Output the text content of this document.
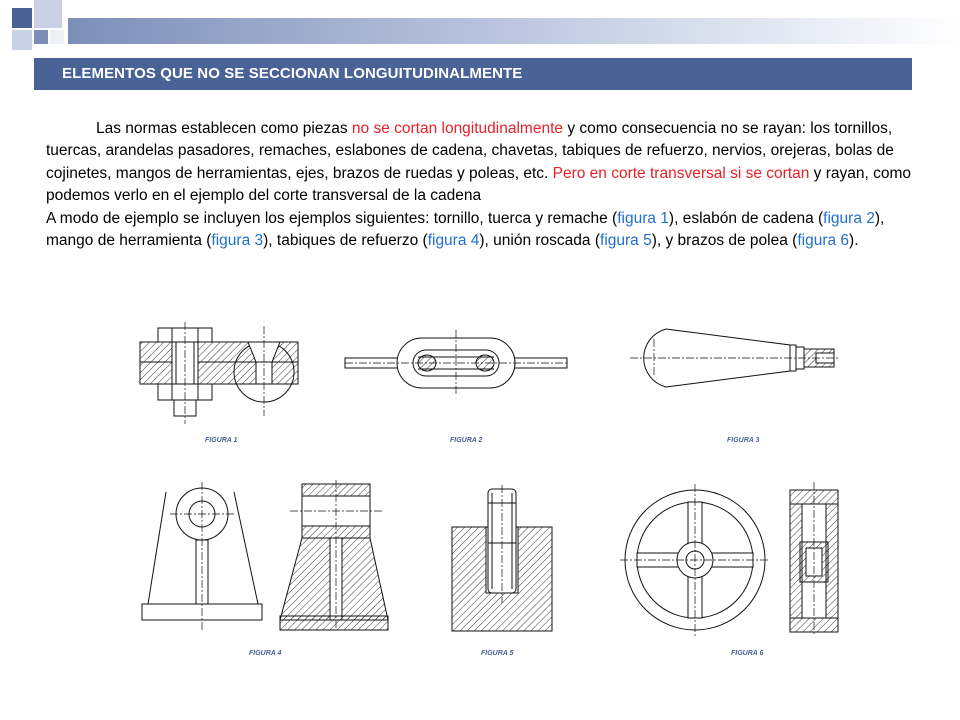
ELEMENTOS QUE NO SE SECCIONAN LONGUITUDINALMENTE

Las normas establecen como piezas no se cortan longitudinalmente y como consecuencia no se rayan: los tornillos, tuercas, arandelas pasadores, remaches, eslabones de cadena, chavetas, tabiques de refuerzo, nervios, orejeras, bolas de cojinetes, mangos de herramientas, ejes, brazos de ruedas y poleas, etc. Pero en corte transversal si se cortan y rayan, como podemos verlo en el ejemplo del corte transversal de la cadena

A modo de ejemplo se incluyen los ejemplos siguientes: tornillo, tuerca y remache (figura 1), eslabón de cadena (figura 2), mango de herramienta (figura 3), tabiques de refuerzo (figura 4), unión roscada (figura 5), y brazos de polea (figura 6).

FIGURA 1	FIGURA 2	FIGURA 3
FIGURA 4	FIGURA 5	FIGURA 6
